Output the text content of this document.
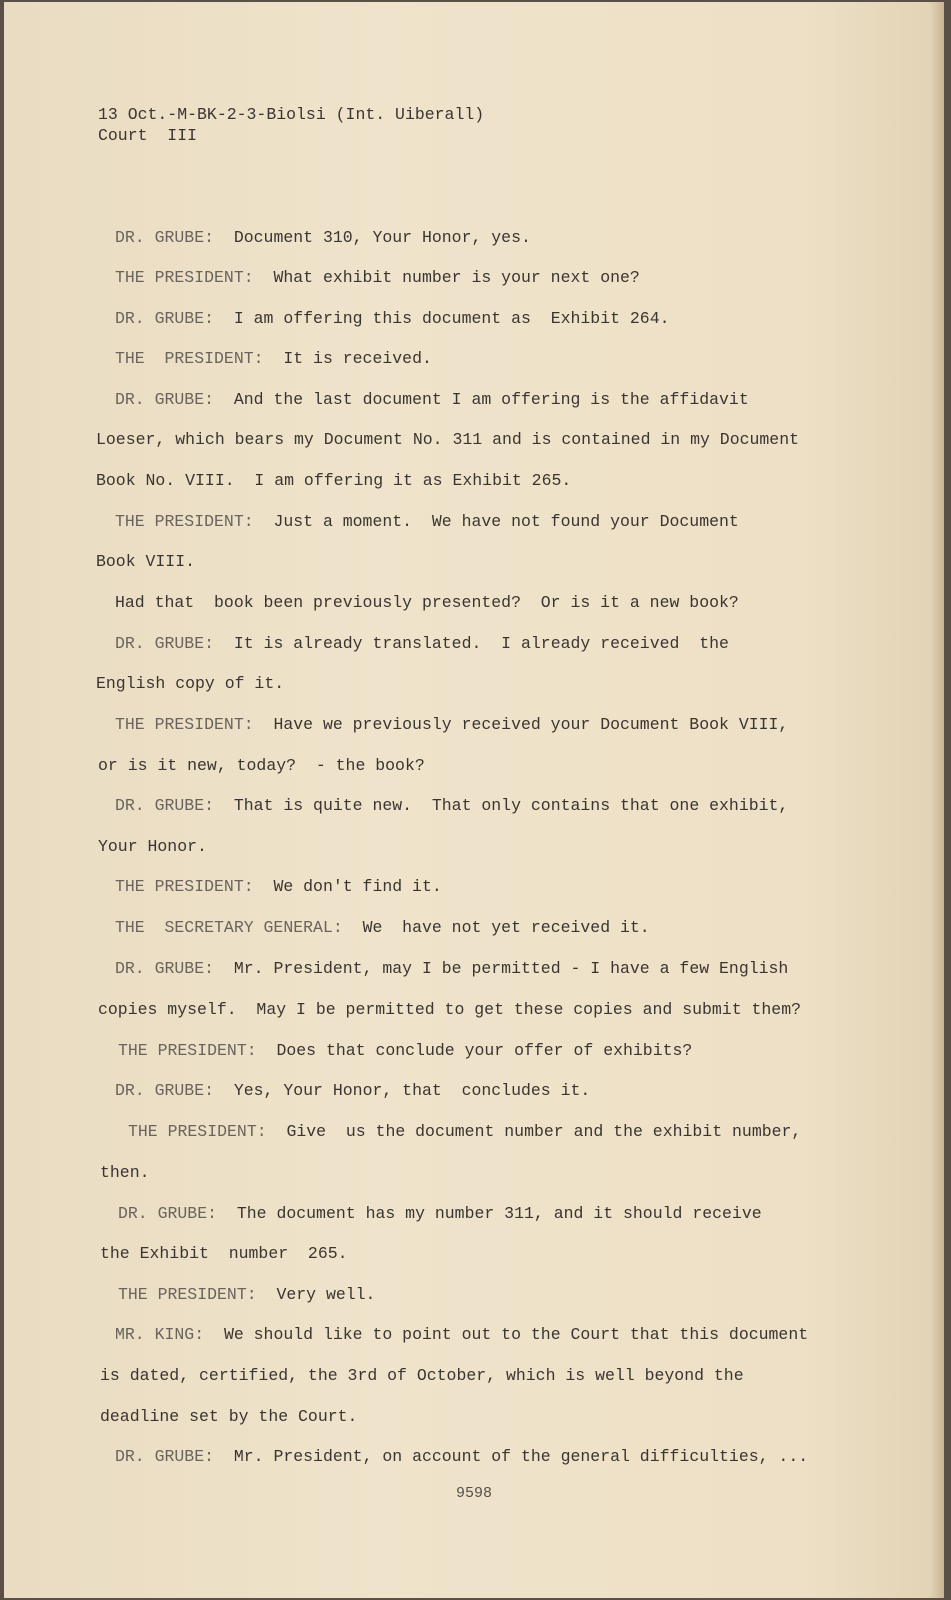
13 Oct.-M-BK-2-3-Biolsi (Int. Uiberall)
Court  III
DR. GRUBE: Document 310, Your Honor, yes.
THE PRESIDENT: What exhibit number is your next one?
DR. GRUBE: I am offering this document as  Exhibit 264.
THE  PRESIDENT: It is received.
DR. GRUBE: And the last document I am offering is the affidavit
Loeser, which bears my Document No. 311 and is contained in my Document
Book No. VIII.  I am offering it as Exhibit 265.
THE PRESIDENT: Just a moment.  We have not found your Document
Book VIII.
Had that  book been previously presented?  Or is it a new book?
DR. GRUBE: It is already translated.  I already received  the
English copy of it.
THE PRESIDENT: Have we previously received your Document Book VIII,
or is it new, today?  - the book?
DR. GRUBE: That is quite new.  That only contains that one exhibit,
Your Honor.
THE PRESIDENT: We don't find it.
THE  SECRETARY GENERAL: We  have not yet received it.
DR. GRUBE: Mr. President, may I be permitted - I have a few English
copies myself.  May I be permitted to get these copies and submit them?
THE PRESIDENT: Does that conclude your offer of exhibits?
DR. GRUBE: Yes, Your Honor, that  concludes it.
THE PRESIDENT: Give  us the document number and the exhibit number,
then.
DR. GRUBE: The document has my number 311, and it should receive
the Exhibit  number  265.
THE PRESIDENT: Very well.
MR. KING: We should like to point out to the Court that this document
is dated, certified, the 3rd of October, which is well beyond the
deadline set by the Court.
DR. GRUBE: Mr. President, on account of the general difficulties, ...
9598
